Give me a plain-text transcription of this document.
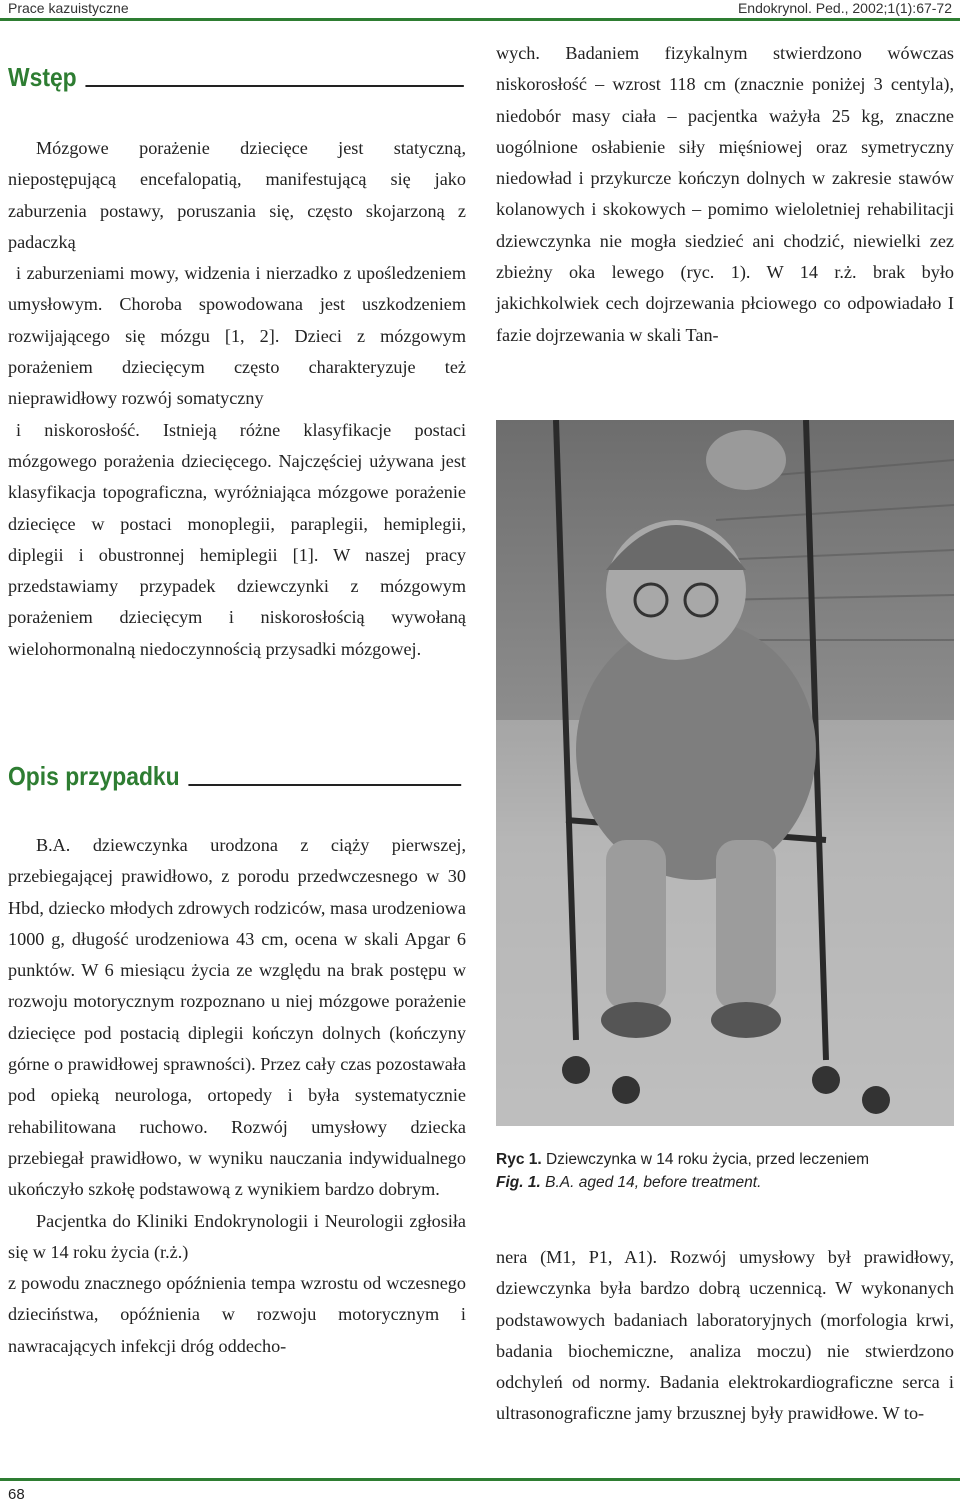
Prace kazuistyczne	Endokrynol. Ped., 2002;1(1):67-72
Wstęp

Mózgowe porażenie dziecięce jest statyczną, niepostępującą encefalopatią, manifestującą się jako zaburzenia postawy, poruszania się, często skojarzoną z padaczką

i zaburzeniami mowy, widzenia i nierzadko z upośledzeniem umysłowym. Choroba spowodowana jest uszkodzeniem rozwijającego się mózgu [1, 2]. Dzieci z mózgowym porażeniem dziecięcym często charakteryzuje też nieprawidłowy rozwój somatyczny

i niskorosłość. Istnieją różne klasyfikacje postaci mózgowego porażenia dziecięcego. Najczęściej używana jest klasyfikacja topograficzna, wyróżniająca mózgowe porażenie dziecięce w postaci monoplegii, paraplegii, hemiplegii, diplegii i obustronnej hemiplegii [1]. W naszej pracy przedstawiamy przypadek dziewczynki z mózgowym porażeniem dziecięcym i niskorosłością wywołaną wielohormonalną niedoczynnością przysadki mózgowej.

Opis przypadku

B.A. dziewczynka urodzona z ciąży pierwszej, przebiegającej prawidłowo, z porodu przedwczesnego w 30 Hbd, dziecko młodych zdrowych rodziców, masa urodzeniowa 1000 g, długość urodzeniowa 43 cm, ocena w skali Apgar 6 punktów. W 6 miesiącu życia ze względu na brak postępu w rozwoju motorycznym rozpoznano u niej mózgowe porażenie dziecięce pod postacią diplegii kończyn dolnych (kończyny górne o prawidłowej sprawności). Przez cały czas pozostawała pod opieką neurologa, ortopedy i była systematycznie rehabilitowana ruchowo. Rozwój umysłowy dziecka przebiegał prawidłowo, w wyniku nauczania indywidualnego ukończyło szkołę podstawową z wynikiem bardzo dobrym.

Pacjentka do Kliniki Endokrynologii i Neurologii zgłosiła się w 14 roku życia (r.ż.)

z powodu znacznego opóźnienia tempa wzrostu od wczesnego dzieciństwa, opóźnienia w rozwoju motorycznym i nawracających infekcji dróg oddecho-

wych. Badaniem fizykalnym stwierdzono wówczas niskorosłość – wzrost 118 cm (znacznie poniżej 3 centyla), niedobór masy ciała – pacjentka ważyła 25 kg, znaczne uogólnione osłabienie siły mięśniowej oraz symetryczny niedowład i przykurcze kończyn dolnych w zakresie stawów kolanowych i skokowych – pomimo wieloletniej rehabilitacji dziewczynka nie mogła siedzieć ani chodzić, niewielki zez zbieżny oka lewego (ryc. 1). W 14 r.ż. brak było jakichkolwiek cech dojrzewania płciowego co odpowiadało I fazie dojrzewania w skali Tan-

Ryc 1. Dziewczynka w 14 roku życia, przed leczeniem
Fig. 1. B.A. aged 14, before treatment.

nera (M1, P1, A1). Rozwój umysłowy był prawidłowy, dziewczynka była bardzo dobrą uczennicą. W wykonanych podstawowych badaniach laboratoryjnych (morfologia krwi, badania biochemiczne, analiza moczu) nie stwierdzono odchyleń od normy. Badania elektrokardiograficzne serca i ultrasonograficzne jamy brzusznej były prawidłowe. W to-

68
